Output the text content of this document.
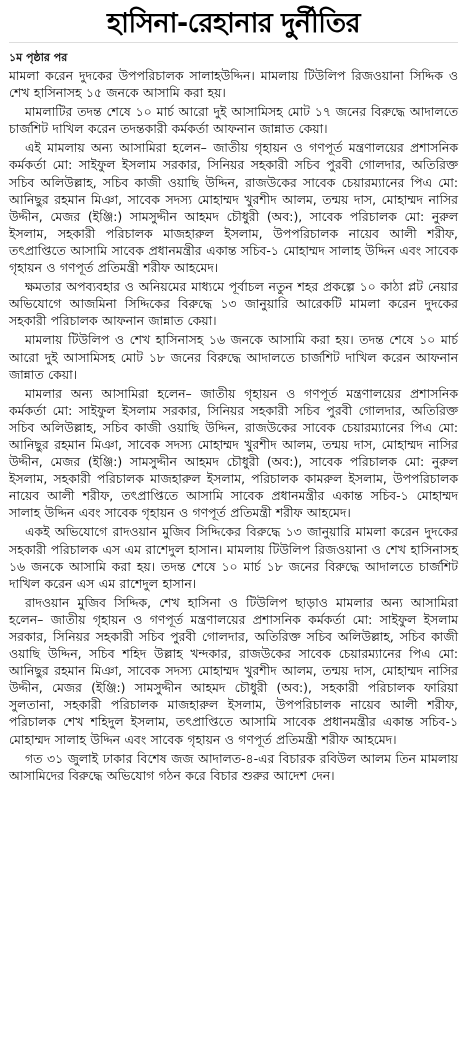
হাসিনা-রেহানার দুর্নীতির
১ম পৃষ্ঠার পর

মামলা করেন দুদকের উপপরিচালক সালাহউদ্দিন। মামলায় টিউলিপ রিজওয়ানা সিদ্দিক ও শেখ হাসিনাসহ ১৫ জনকে আসামি করা হয়।

মামলাটির তদন্ত শেষে ১০ মার্চ আরো দুই আসামিসহ মোট ১৭ জনের বিরুদ্ধে আদালতে চার্জশিট দাখিল করেন তদন্তকারী কর্মকর্তা আফনান জান্নাত কেয়া।

এই মামলায় অন্য আসামিরা হলেন– জাতীয় গৃহায়ন ও গণপূর্ত মন্ত্রণালয়ের প্রশাসনিক কর্মকর্তা মো: সাইফুল ইসলাম সরকার, সিনিয়র সহকারী সচিব পুরবী গোলদার, অতিরিক্ত সচিব অলিউল্লাহ, সচিব কাজী ওয়াছি উদ্দিন, রাজউকের সাবেক চেয়ারম্যানের পিএ মো: আনিছুর রহমান মিঞা, সাবেক সদস্য মোহাম্মদ খুরশীদ আলম, তন্ময় দাস, মোহাম্মদ নাসির উদ্দীন, মেজর (ইঞ্জি:) সামসুদ্দীন আহমদ চৌধুরী (অব:), সাবেক পরিচালক মো: নুরুল ইসলাম, সহকারী পরিচালক মাজহারুল ইসলাম, উপপরিচালক নায়েব আলী শরীফ, তৎপ্রাপ্তিতে আসামি সাবেক প্রধানমন্ত্রীর একান্ত সচিব-১ মোহাম্মদ সালাহ উদ্দিন এবং সাবেক গৃহায়ন ও গণপূর্ত প্রতিমন্ত্রী শরীফ আহমেদ।

ক্ষমতার অপব্যবহার ও অনিয়মের মাধ্যমে পূর্বাচল নতুন শহর প্রকল্পে ১০ কাঠা প্লট নেয়ার অভিযোগে আজমিনা সিদ্দিকের বিরুদ্ধে ১৩ জানুয়ারি আরেকটি মামলা করেন দুদকের সহকারী পরিচালক আফনান জান্নাত কেয়া।

মামলায় টিউলিপ ও শেখ হাসিনাসহ ১৬ জনকে আসামি করা হয়। তদন্ত শেষে ১০ মার্চ আরো দুই আসামিসহ মোট ১৮ জনের বিরুদ্ধে আদালতে চার্জশিট দাখিল করেন আফনান জান্নাত কেয়া।

মামলার অন্য আসামিরা হলেন– জাতীয় গৃহায়ন ও গণপূর্ত মন্ত্রণালয়ের প্রশাসনিক কর্মকর্তা মো: সাইফুল ইসলাম সরকার, সিনিয়র সহকারী সচিব পুরবী গোলদার, অতিরিক্ত সচিব অলিউল্লাহ, সচিব কাজী ওয়াছি উদ্দিন, রাজউকের সাবেক চেয়ারম্যানের পিএ মো: আনিছুর রহমান মিঞা, সাবেক সদস্য মোহাম্মদ খুরশীদ আলম, তন্ময় দাস, মোহাম্মদ নাসির উদ্দীন, মেজর (ইঞ্জি:) সামসুদ্দীন আহমদ চৌধুরী (অব:), সাবেক পরিচালক মো: নুরুল ইসলাম, সহকারী পরিচালক মাজহারুল ইসলাম, পরিচালক কামরুল ইসলাম, উপপরিচালক নায়েব আলী শরীফ, তৎপ্রাপ্তিতে আসামি সাবেক প্রধানমন্ত্রীর একান্ত সচিব-১ মোহাম্মদ সালাহ উদ্দিন এবং সাবেক গৃহায়ন ও গণপূর্ত প্রতিমন্ত্রী শরীফ আহমেদ।

একই অভিযোগে রাদওয়ান মুজিব সিদ্দিকের বিরুদ্ধে ১৩ জানুয়ারি মামলা করেন দুদকের সহকারী পরিচালক এস এম রাশেদুল হাসান। মামলায় টিউলিপ রিজওয়ানা ও শেখ হাসিনাসহ ১৬ জনকে আসামি করা হয়। তদন্ত শেষে ১০ মার্চ ১৮ জনের বিরুদ্ধে আদালতে চার্জশিট দাখিল করেন এস এম রাশেদুল হাসান।

রাদওয়ান মুজিব সিদ্দিক, শেখ হাসিনা ও টিউলিপ ছাড়াও মামলার অন্য আসামিরা হলেন– জাতীয় গৃহায়ন ও গণপূর্ত মন্ত্রণালয়ের প্রশাসনিক কর্মকর্তা মো: সাইফুল ইসলাম সরকার, সিনিয়র সহকারী সচিব পুরবী গোলদার, অতিরিক্ত সচিব অলিউল্লাহ, সচিব কাজী ওয়াছি উদ্দিন, সচিব শহিদ উল্লাহ খন্দকার, রাজউকের সাবেক চেয়ারম্যানের পিএ মো: আনিছুর রহমান মিঞা, সাবেক সদস্য মোহাম্মদ খুরশীদ আলম, তন্ময় দাস, মোহাম্মদ নাসির উদ্দীন, মেজর (ইঞ্জি:) সামসুদ্দীন আহমদ চৌধুরী (অব:), সহকারী পরিচালক ফারিয়া সুলতানা, সহকারী পরিচালক মাজহারুল ইসলাম, উপপরিচালক নায়েব আলী শরীফ, পরিচালক শেখ শহিদুল ইসলাম, তৎপ্রাপ্তিতে আসামি সাবেক প্রধানমন্ত্রীর একান্ত সচিব-১ মোহাম্মদ সালাহ উদ্দিন এবং সাবেক গৃহায়ন ও গণপূর্ত প্রতিমন্ত্রী শরীফ আহমেদ।

গত ৩১ জুলাই ঢাকার বিশেষ জজ আদালত-৪-এর বিচারক রবিউল আলম তিন মামলায় আসামিদের বিরুদ্ধে অভিযোগ গঠন করে বিচার শুরুর আদেশ দেন।
